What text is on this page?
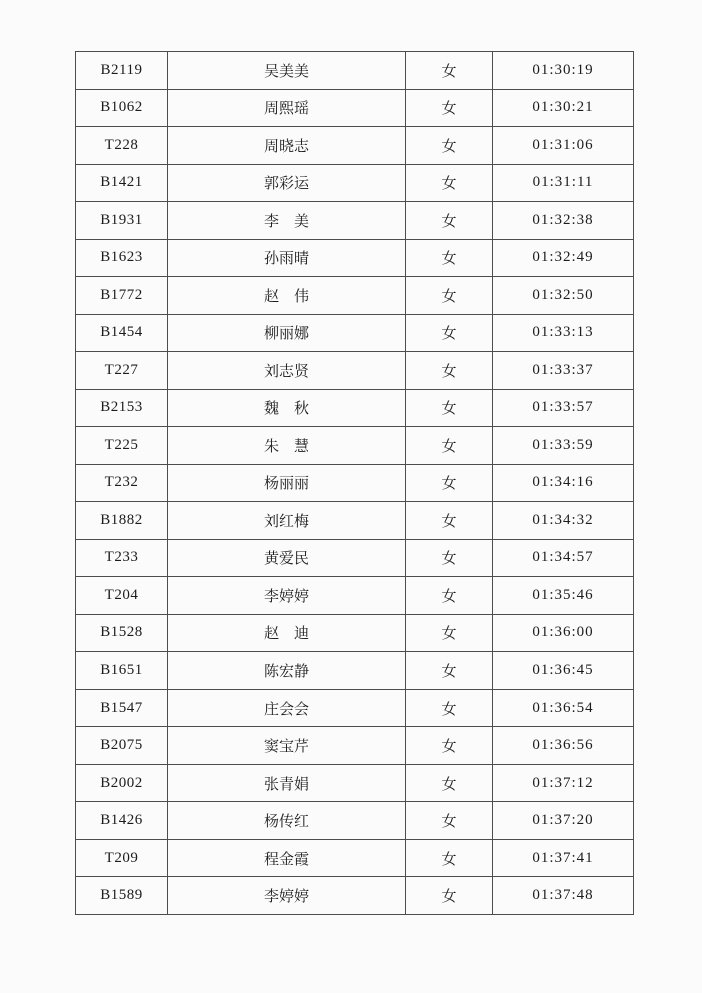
B2119	吴美美	女	01:30:19
B1062	周熙瑶	女	01:30:21
T228	周晓志	女	01:31:06
B1421	郭彩运	女	01:31:11
B1931	李　美	女	01:32:38
B1623	孙雨晴	女	01:32:49
B1772	赵　伟	女	01:32:50
B1454	柳丽娜	女	01:33:13
T227	刘志贤	女	01:33:37
B2153	魏　秋	女	01:33:57
T225	朱　慧	女	01:33:59
T232	杨丽丽	女	01:34:16
B1882	刘红梅	女	01:34:32
T233	黄爱民	女	01:34:57
T204	李婷婷	女	01:35:46
B1528	赵　迪	女	01:36:00
B1651	陈宏静	女	01:36:45
B1547	庄会会	女	01:36:54
B2075	窦宝芹	女	01:36:56
B2002	张青娟	女	01:37:12
B1426	杨传红	女	01:37:20
T209	程金霞	女	01:37:41
B1589	李婷婷	女	01:37:48
